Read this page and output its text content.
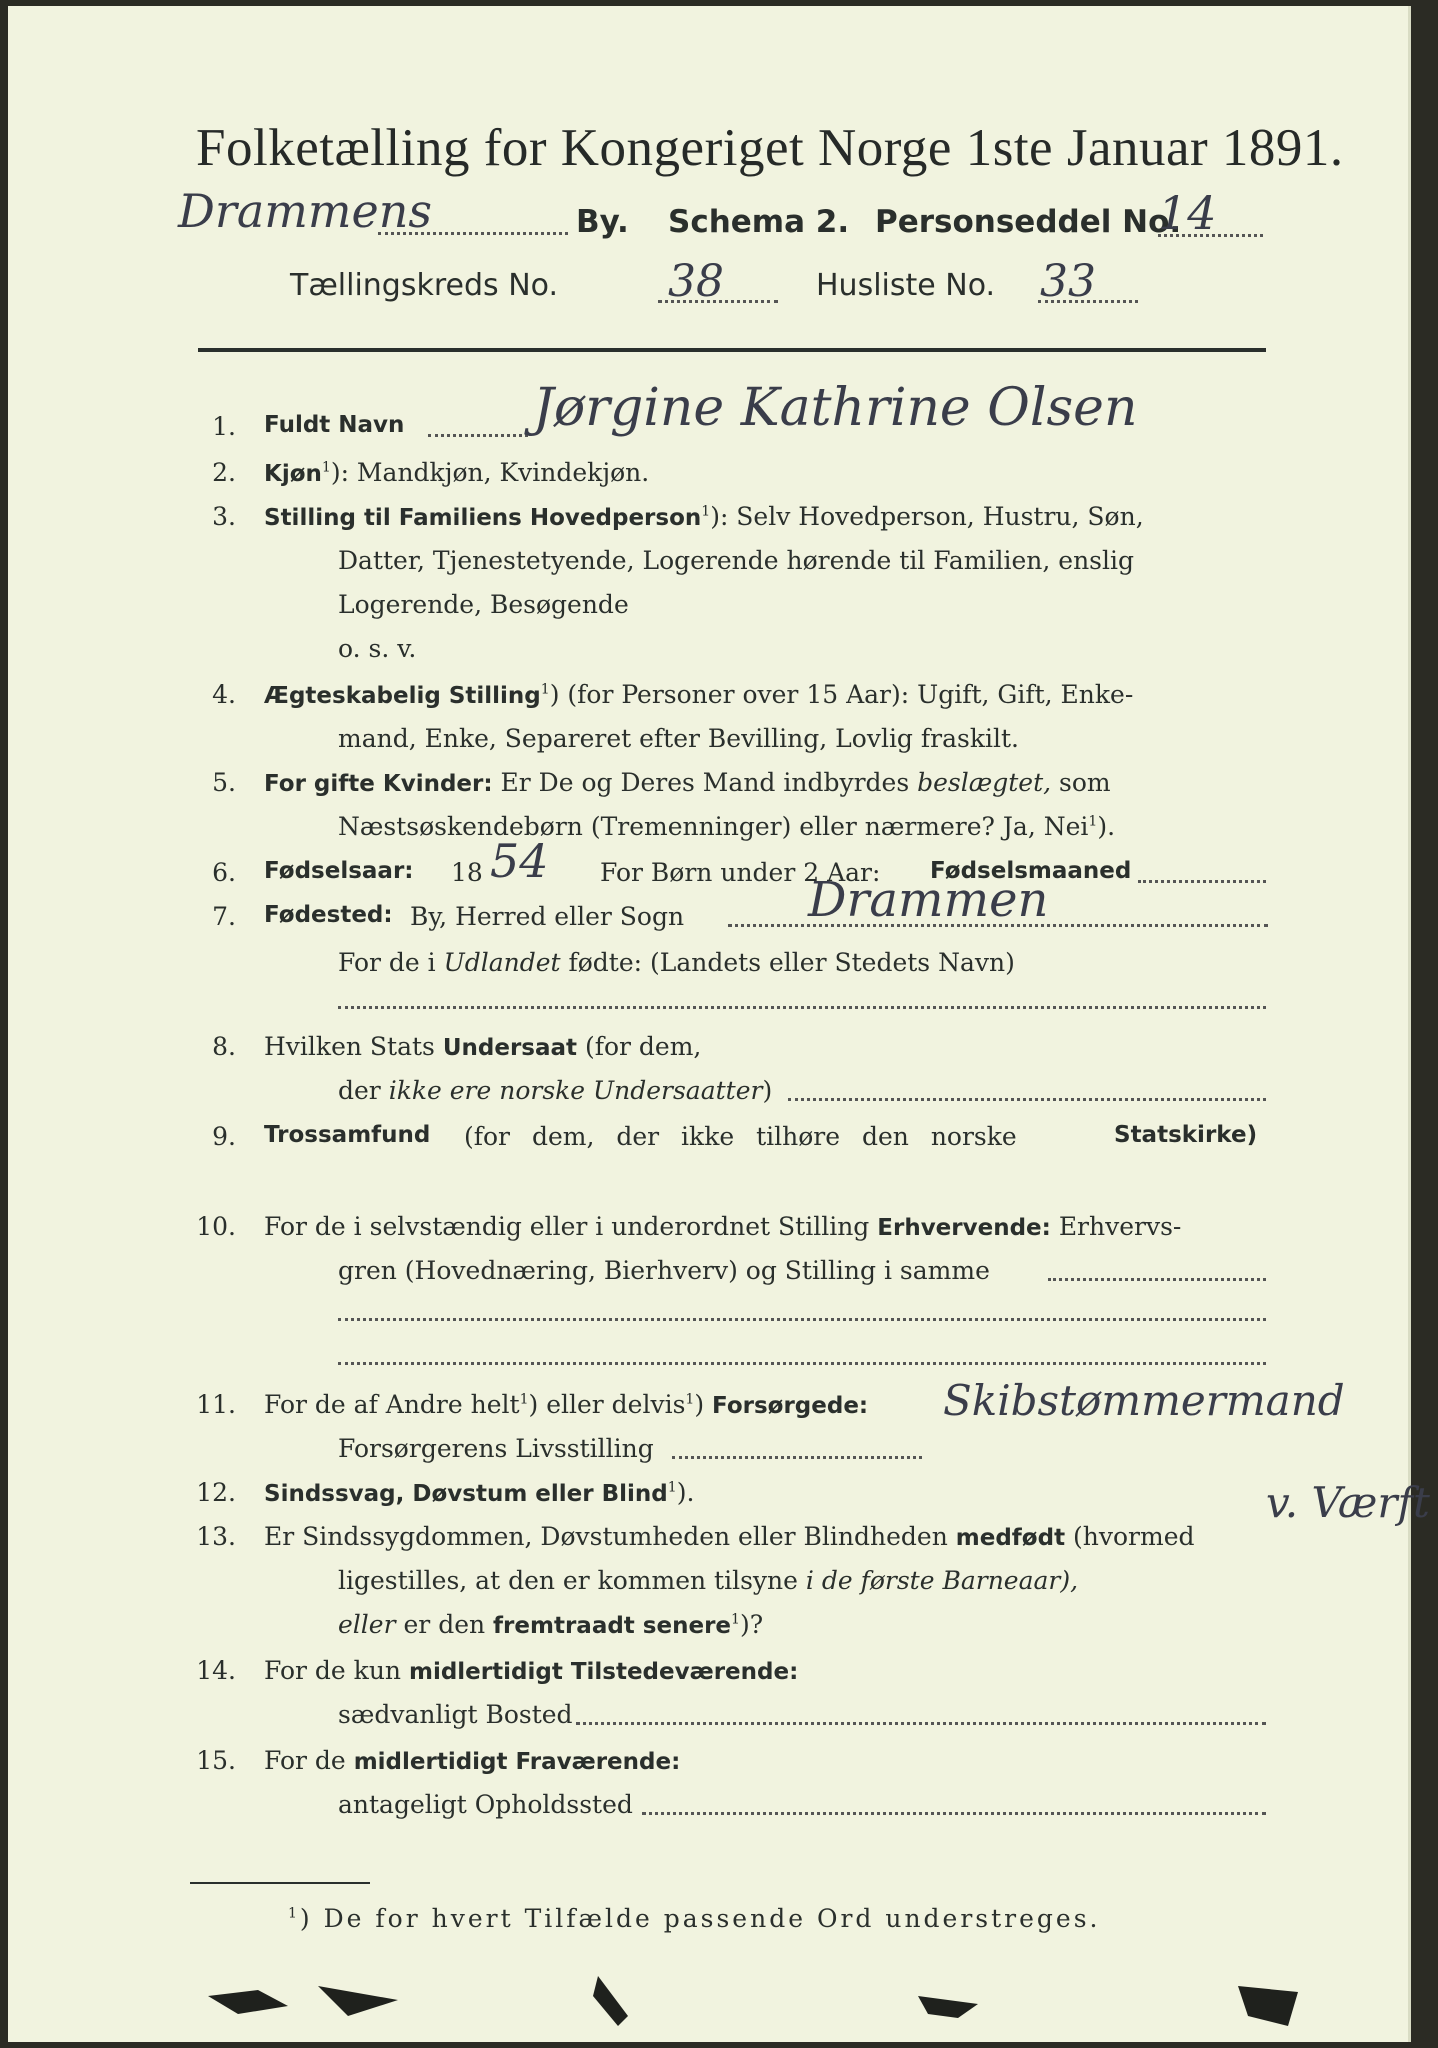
Folketælling for Kongeriget Norge 1ste Januar 1891.
Drammens	By. Schema 2. Personseddel No.
14
Tællingskreds No.	38	Husliste No. 33
1. Fuldt Navn Jørgine Kathrine Olsen
2. Kjøn$^1$): Mandkjøn, Kvindekjøn.
3. Stilling til Familiens Hovedperson$^1$): Selv Hovedperson, Hustru, Søn,
Datter, Tjenestetyende, Logerende hørende til Familien, enslig
Logerende, Besøgende
o. s. v.
4. Ægteskabelig Stilling$^1$) (for Personer over 15 Aar): Ugift, Gift, Enke-
mand, Enke, Separeret efter Bevilling, Lovlig fraskilt.
5. For gifte Kvinder: Er De og Deres Mand indbyrdes beslægtet, som
Næstsøskendebørn (Tremenninger) eller nærmere? Ja, Nei$^1$).
6. Fødselsaar: 18 54 For Børn under 2 Aar: Fødselsmaaned
7. Fødested: By, Herred eller Sogn	Drammen
For de i Udlandet fødte: (Landets eller Stedets Navn)
8. Hvilken Stats Undersaat (for dem,
der ikke ere norske Undersaatter)
9. Trossamfund (for dem, der ikke tilhøre den norske	Statskirke)
10. For de i selvstændig eller i underordnet Stilling Erhvervende: Erhvervs-
gren (Hovednæring, Bierhverv) og Stilling i samme
11. For de af Andre helt$^1$) eller delvis$^1$) Forsørgede: Skibstømmermand
Forsørgerens Livsstilling
v. Værft
12. Sindssvag, Døvstum eller Blind$^1$).
13. Er Sindssygdommen, Døvstumheden eller Blindheden medfødt (hvormed
ligestilles, at den er kommen tilsyne i de første Barneaar),
eller er den fremtraadt senere$^1$)?
14. For de kun midlertidigt Tilstedeværende:
sædvanligt Bosted
15. For de midlertidigt Fraværende:
antageligt Opholdssted
$^1$) De for hvert Tilfælde passende Ord understreges.
